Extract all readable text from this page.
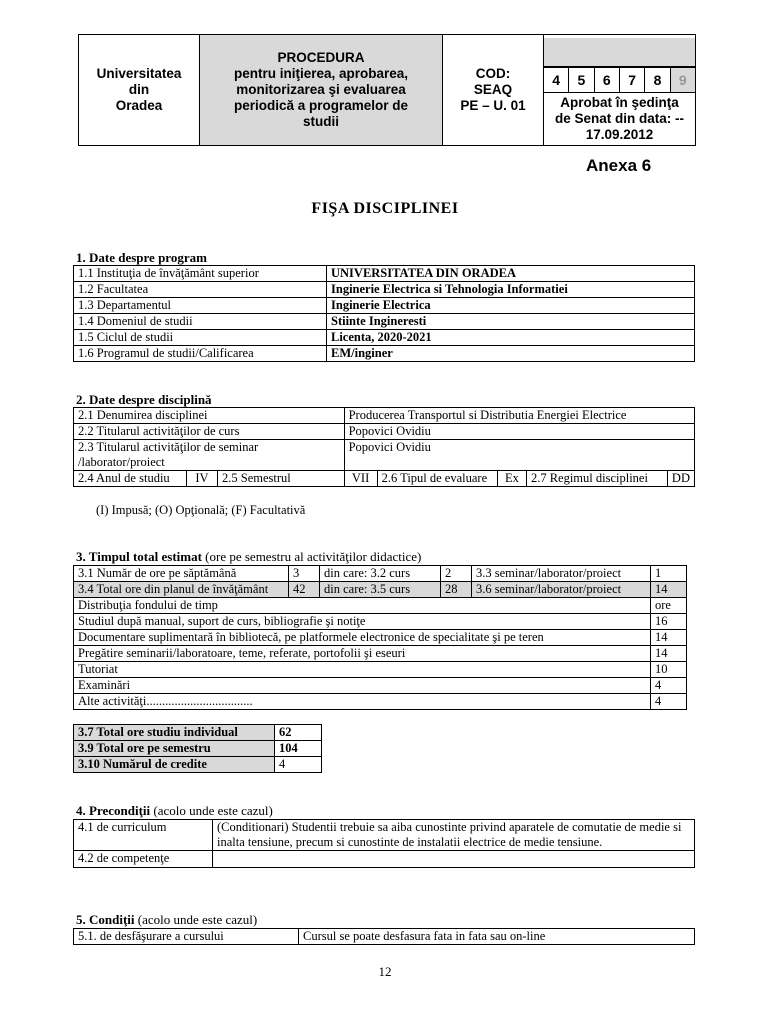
Universitatea
din
Oradea

PROCEDURA
pentru iniţierea, aprobarea,
monitorizarea şi evaluarea
periodică a programelor de
studii

COD:
SEAQ
PE – U. 01

4	5	6	7	8	9
Aprobat în şedinţa
de Senat din data: --
17.09.2012
Anexa 6
FIŞA DISCIPLINEI
1. Date despre program
1.1 Instituţia de învăţământ superior	UNIVERSITATEA DIN ORADEA
1.2 Facultatea	Inginerie Electrica si Tehnologia Informatiei
1.3 Departamentul	Inginerie Electrica
1.4 Domeniul de studii	Stiinte Ingineresti
1.5 Ciclul de studii	Licenta, 2020-2021
1.6 Programul de studii/Calificarea	EM/inginer
2. Date despre disciplină
2.1 Denumirea disciplinei			Producerea Transportul si Distributia Energiei Electrice				
2.2 Titularul activităţilor de curs			Popovici Ovidiu				
2.3 Titularul activităţilor de seminar /laborator/proiect			Popovici Ovidiu				
2.4 Anul de studiu	IV	2.5 Semestrul	VII	2.6 Tipul de evaluare	Ex	2.7 Regimul disciplinei	DD
(I) Impusă; (O) Opţională; (F) Facultativă
3. Timpul total estimat (ore pe semestru al activităţilor didactice)
3.1 Număr de ore pe săptămână	3	din care: 3.2 curs	2	3.3 seminar/laborator/proiect	1
3.4 Total ore din planul de învăţământ	42	din care: 3.5 curs	28	3.6 seminar/laborator/proiect	14
Distribuţia fondului de timp					ore
Studiul după manual, suport de curs, bibliografie şi notiţe					16
Documentare suplimentară în bibliotecă, pe platformele electronice de specialitate şi pe teren					14
Pregătire seminarii/laboratoare, teme, referate, portofolii şi eseuri					14
Tutoriat					10
Examinări					4
Alte activităţi..................................					4
3.7 Total ore studiu individual	62
3.9 Total ore pe semestru	104
3.10 Numărul de credite	4
4. Precondiţii (acolo unde este cazul)
4.1 de curriculum	(Conditionari) Studentii trebuie sa aiba cunostinte privind aparatele de comutatie de medie si inalta tensiune, precum si cunostinte de instalatii electrice de medie tensiune.
4.2 de competenţe	
5. Condiţii (acolo unde este cazul)
5.1. de desfăşurare a cursului	Cursul se poate desfasura fata in fata sau on-line
12
